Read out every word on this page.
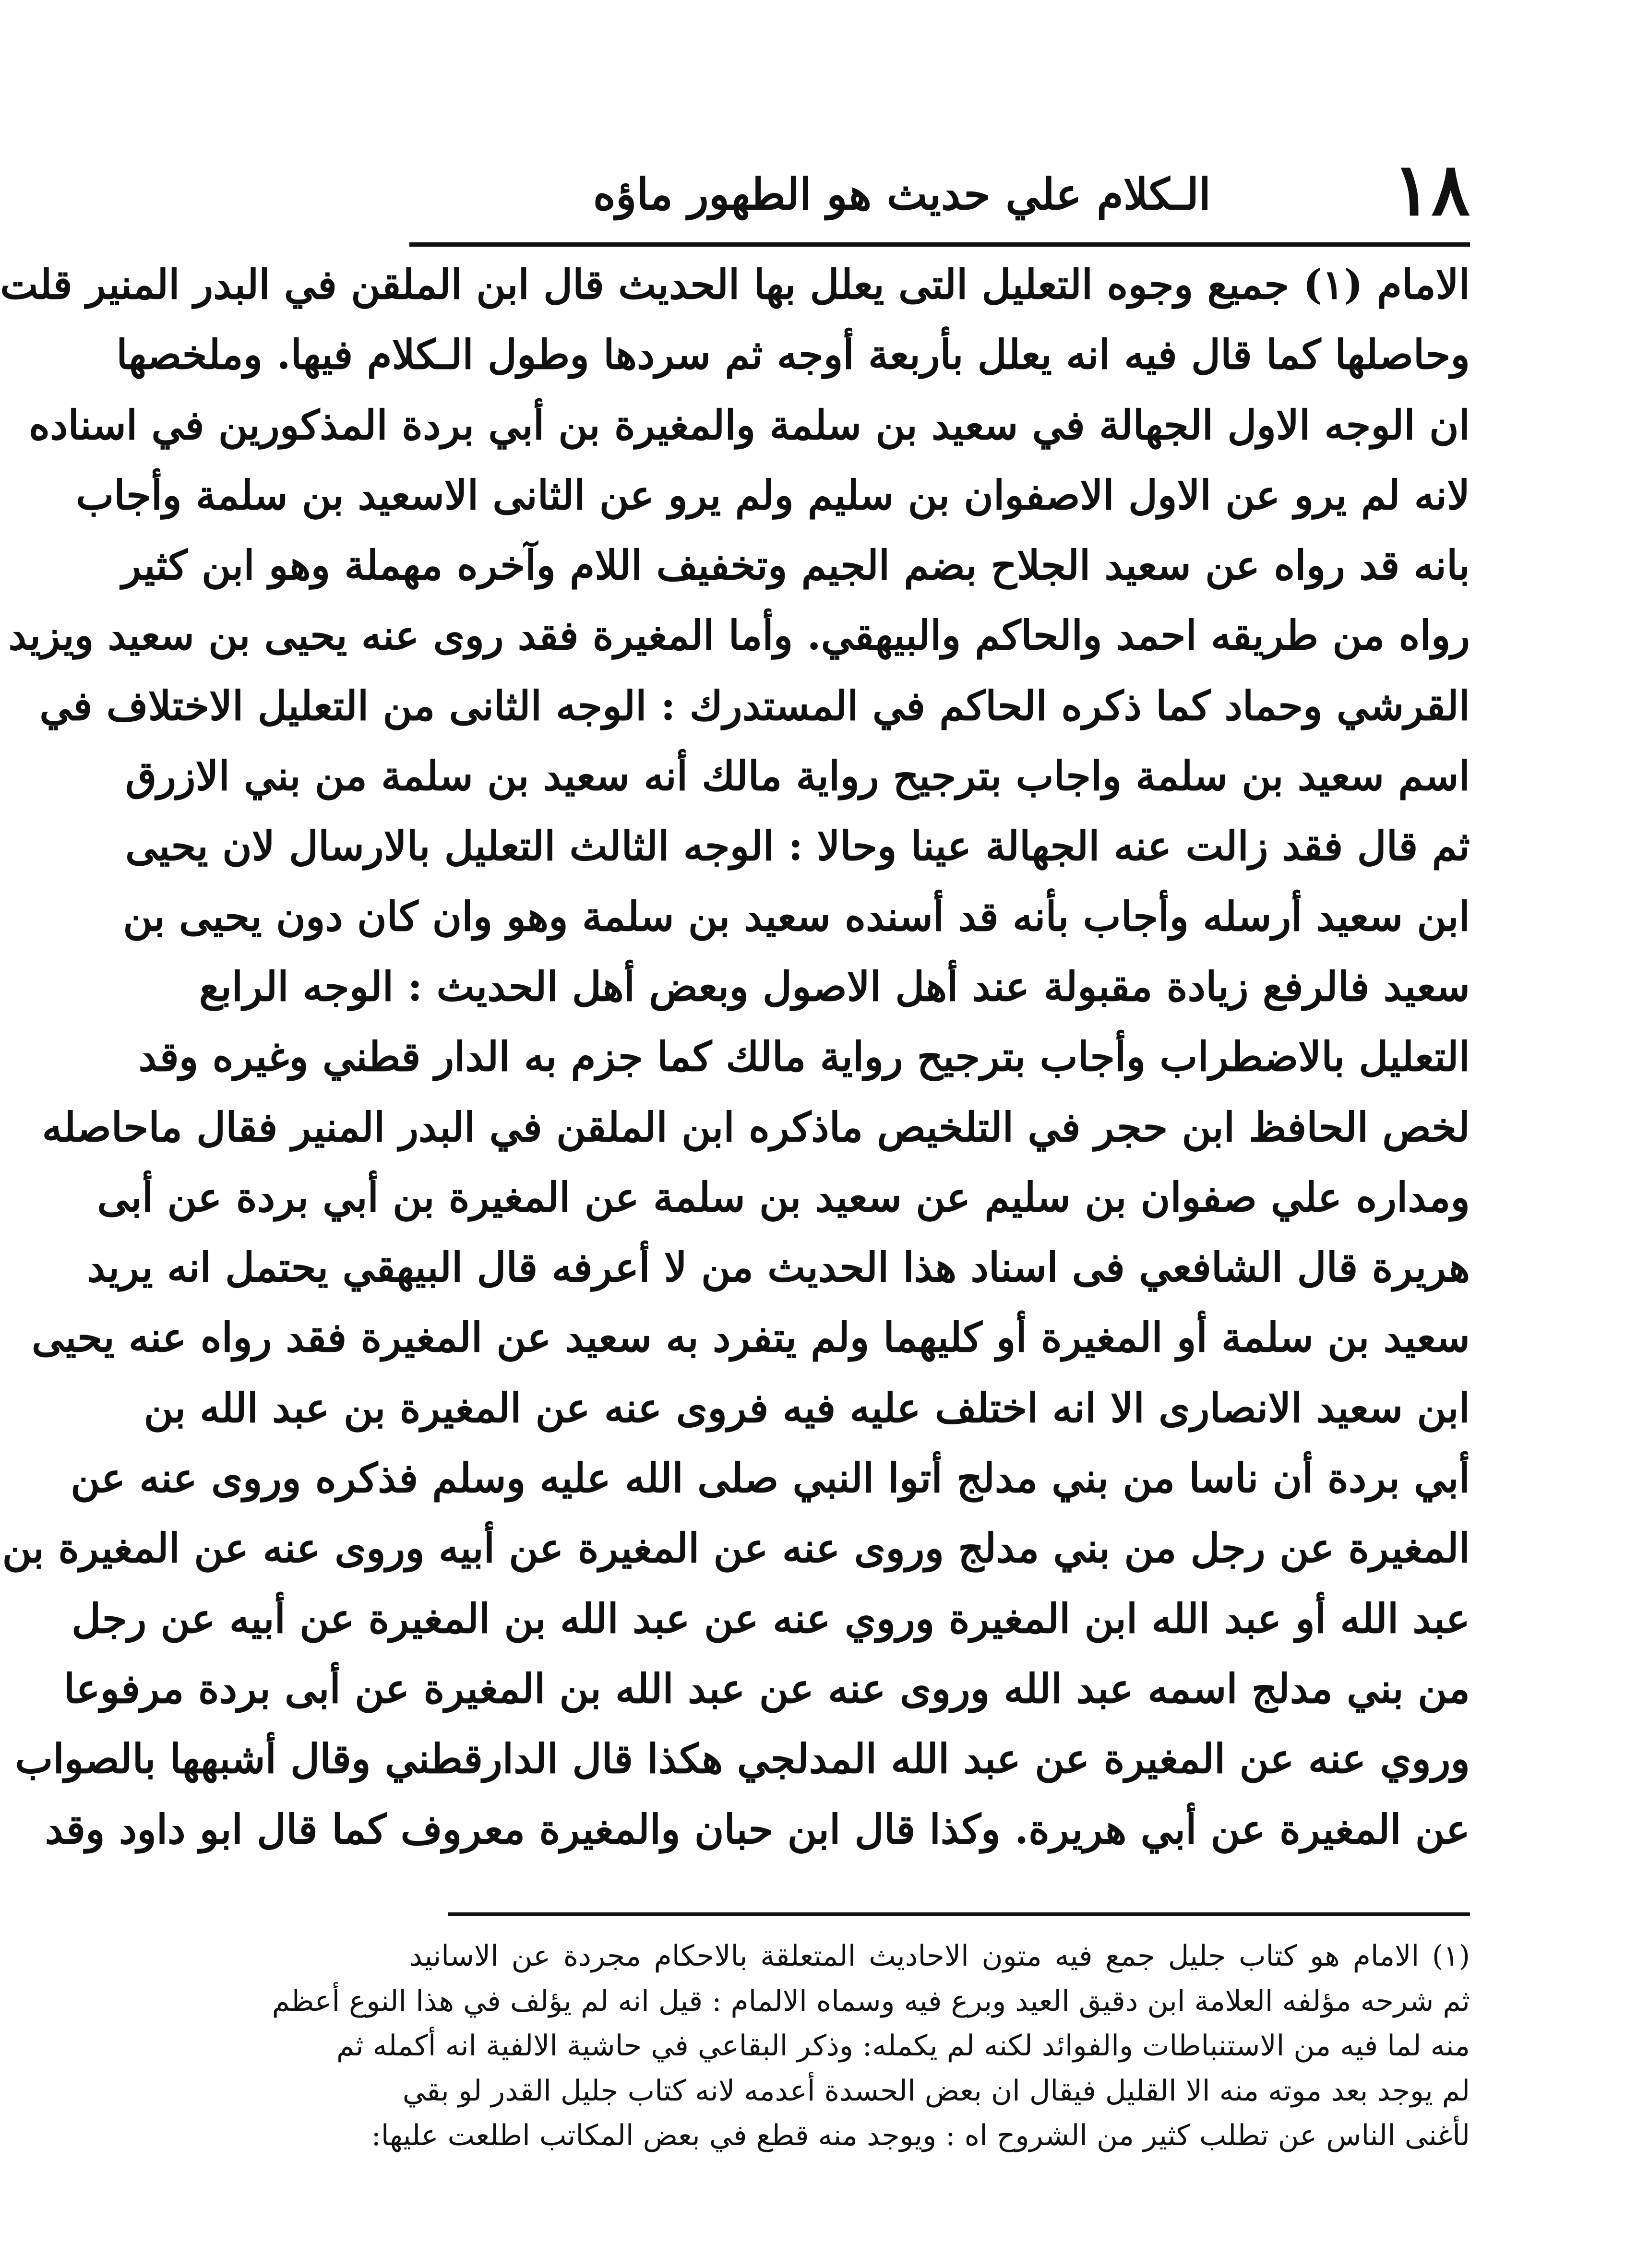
١٨
الـكلام علي حديث هو الطهور ماؤه
الامام (١) جميع وجوه التعليل التى يعلل بها الحديث قال ابن الملقن في البدر المنير قلت
وحاصلها كما قال فيه انه يعلل بأربعة أوجه ثم سردها وطول الـكلام فيها. وملخصها
ان الوجه الاول الجهالة في سعيد بن سلمة والمغيرة بن أبي بردة المذكورين في اسناده
لانه لم يرو عن الاول الاصفوان بن سليم ولم يرو عن الثانى الاسعيد بن سلمة وأجاب
بانه قد رواه عن سعيد الجلاح بضم الجيم وتخفيف اللام وآخره مهملة وهو ابن كثير
رواه من طريقه احمد والحاكم والبيهقي. وأما المغيرة فقد روى عنه يحيى بن سعيد ويزيد
القرشي وحماد كما ذكره الحاكم في المستدرك : الوجه الثانى من التعليل الاختلاف في
اسم سعيد بن سلمة واجاب بترجيح رواية مالك أنه سعيد بن سلمة من بني الازرق
ثم قال فقد زالت عنه الجهالة عينا وحالا : الوجه الثالث التعليل بالارسال لان يحيى
ابن سعيد أرسله وأجاب بأنه قد أسنده سعيد بن سلمة وهو وان كان دون يحيى بن
سعيد فالرفع زيادة مقبولة عند أهل الاصول وبعض أهل الحديث : الوجه الرابع
التعليل بالاضطراب وأجاب بترجيح رواية مالك كما جزم به الدار قطني وغيره وقد
لخص الحافظ ابن حجر في التلخيص ماذكره ابن الملقن في البدر المنير فقال ماحاصله
ومداره علي صفوان بن سليم عن سعيد بن سلمة عن المغيرة بن أبي بردة عن أبى
هريرة قال الشافعي فى اسناد هذا الحديث من لا أعرفه قال البيهقي يحتمل انه يريد
سعيد بن سلمة أو المغيرة أو كليهما ولم يتفرد به سعيد عن المغيرة فقد رواه عنه يحيى
ابن سعيد الانصارى الا انه اختلف عليه فيه فروى عنه عن المغيرة بن عبد الله بن
أبي بردة أن ناسا من بني مدلج أتوا النبي صلى الله عليه وسلم فذكره وروى عنه عن
المغيرة عن رجل من بني مدلج وروى عنه عن المغيرة عن أبيه وروى عنه عن المغيرة بن
عبد الله أو عبد الله ابن المغيرة وروي عنه عن عبد الله بن المغيرة عن أبيه عن رجل
من بني مدلج اسمه عبد الله وروى عنه عن عبد الله بن المغيرة عن أبى بردة مرفوعا
وروي عنه عن المغيرة عن عبد الله المدلجي هكذا قال الدارقطني وقال أشبهها بالصواب
عن المغيرة عن أبي هريرة. وكذا قال ابن حبان والمغيرة معروف كما قال ابو داود وقد
(١) الامام هو كتاب جليل جمع فيه متون الاحاديث المتعلقة بالاحكام مجردة عن الاسانيد
ثم شرحه مؤلفه العلامة ابن دقيق العيد وبرع فيه وسماه الالمام : قيل انه لم يؤلف في هذا النوع أعظم
منه لما فيه من الاستنباطات والفوائد لكنه لم يكمله: وذكر البقاعي في حاشية الالفية انه أكمله ثم
لم يوجد بعد موته منه الا القليل فيقال ان بعض الحسدة أعدمه لانه كتاب جليل القدر لو بقي
لأغنى الناس عن تطلب كثير من الشروح اه : ويوجد منه قطع في بعض المكاتب اطلعت عليها:
